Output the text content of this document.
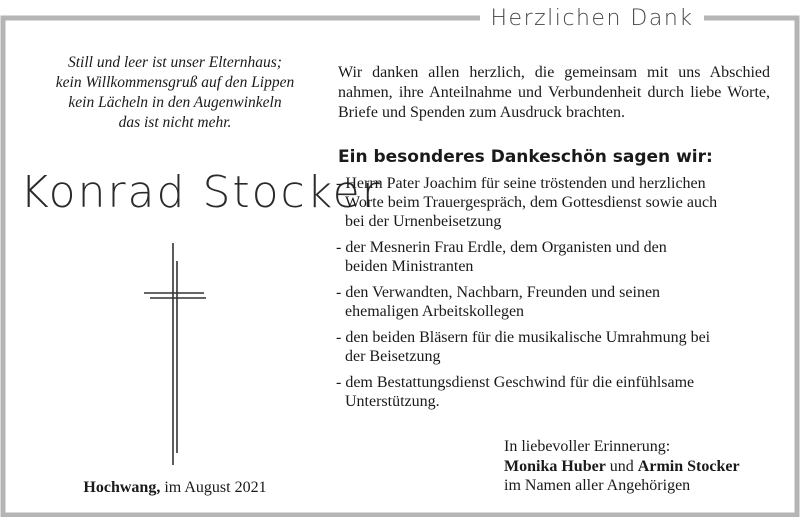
Herzlichen Dank
Still und leer ist unser Elternhaus;
kein Willkommensgruß auf den Lippen
kein Lächeln in den Augenwinkeln
das ist nicht mehr.
Konrad Stocker
Hochwang, im August 2021
Wir danken allen herzlich, die gemeinsam mit uns Abschied nahmen, ihre Anteilnahme und Verbundenheit durch liebe Worte, Briefe und Spenden zum Ausdruck brachten.
Ein besonderes Dankeschön sagen wir:
- Herrn Pater Joachim für seine tröstenden und herzlichen
Worte beim Trauergespräch, dem Gottesdienst sowie auch
bei der Urnenbeisetzung
- der Mesnerin Frau Erdle, dem Organisten und den
beiden Ministranten
- den Verwandten, Nachbarn, Freunden und seinen
ehemaligen Arbeitskollegen
- den beiden Bläsern für die musikalische Umrahmung bei
der Beisetzung
- dem Bestattungsdienst Geschwind für die einfühlsame
Unterstützung.
In liebevoller Erinnerung:
Monika Huber und Armin Stocker
im Namen aller Angehörigen
